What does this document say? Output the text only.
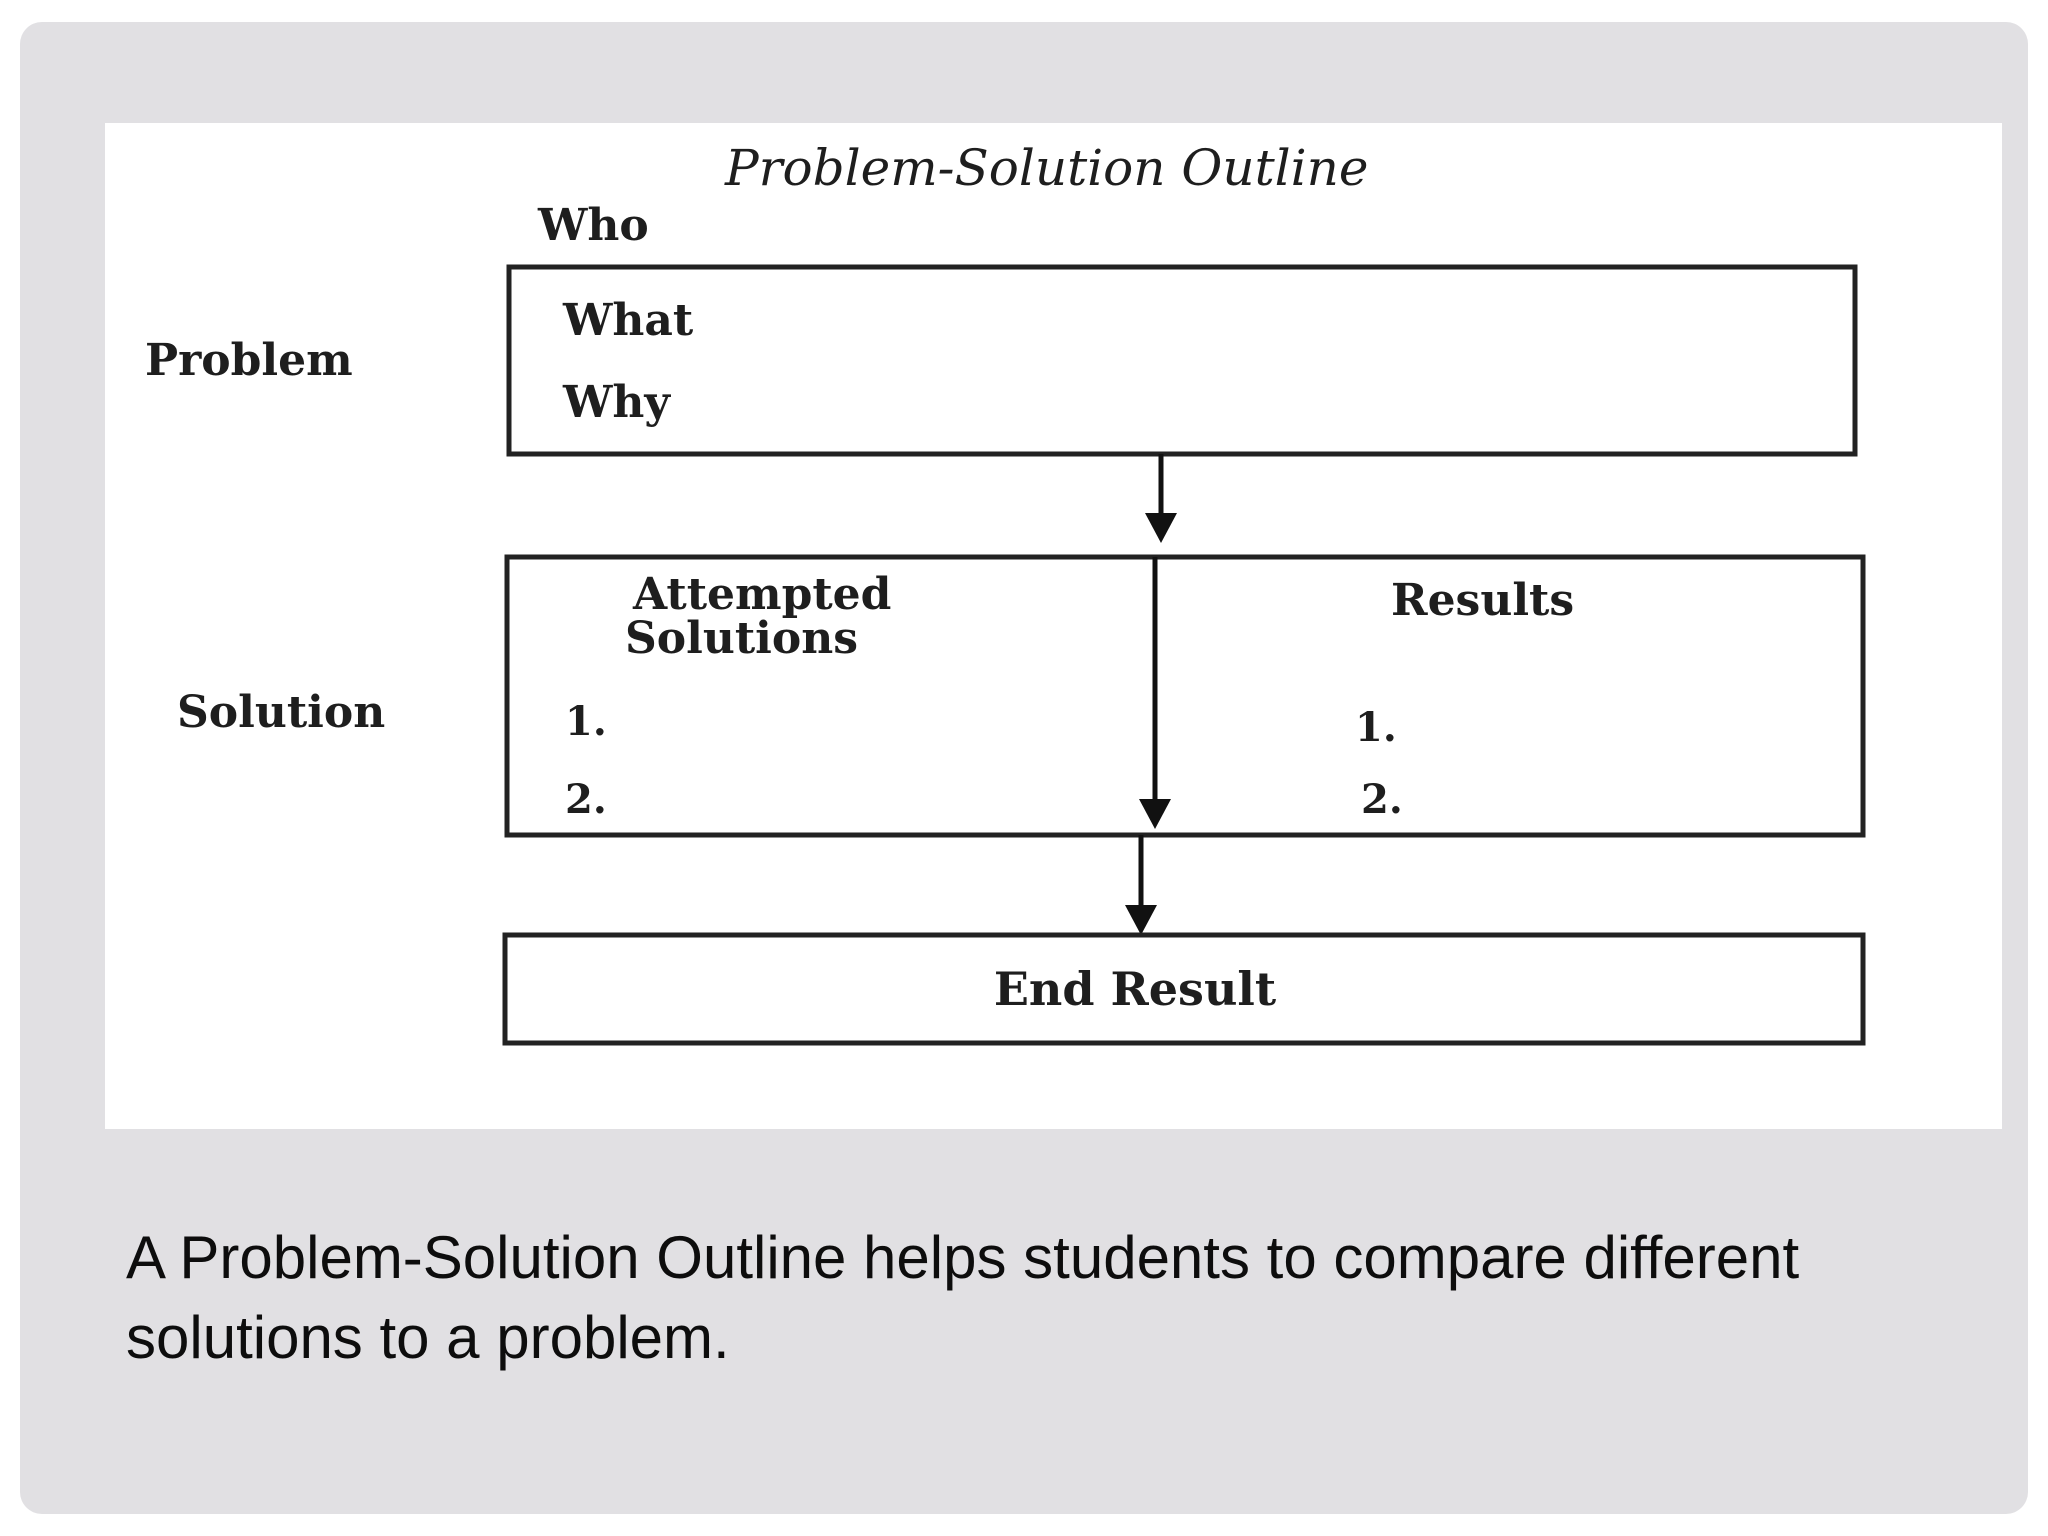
Problem-Solution Outline
Who
Problem
What
Why
Solution
Attempted
Solutions
Results
1.
2.
1.
2.
End Result

A Problem-Solution Outline helps students to compare different solutions to a problem.
